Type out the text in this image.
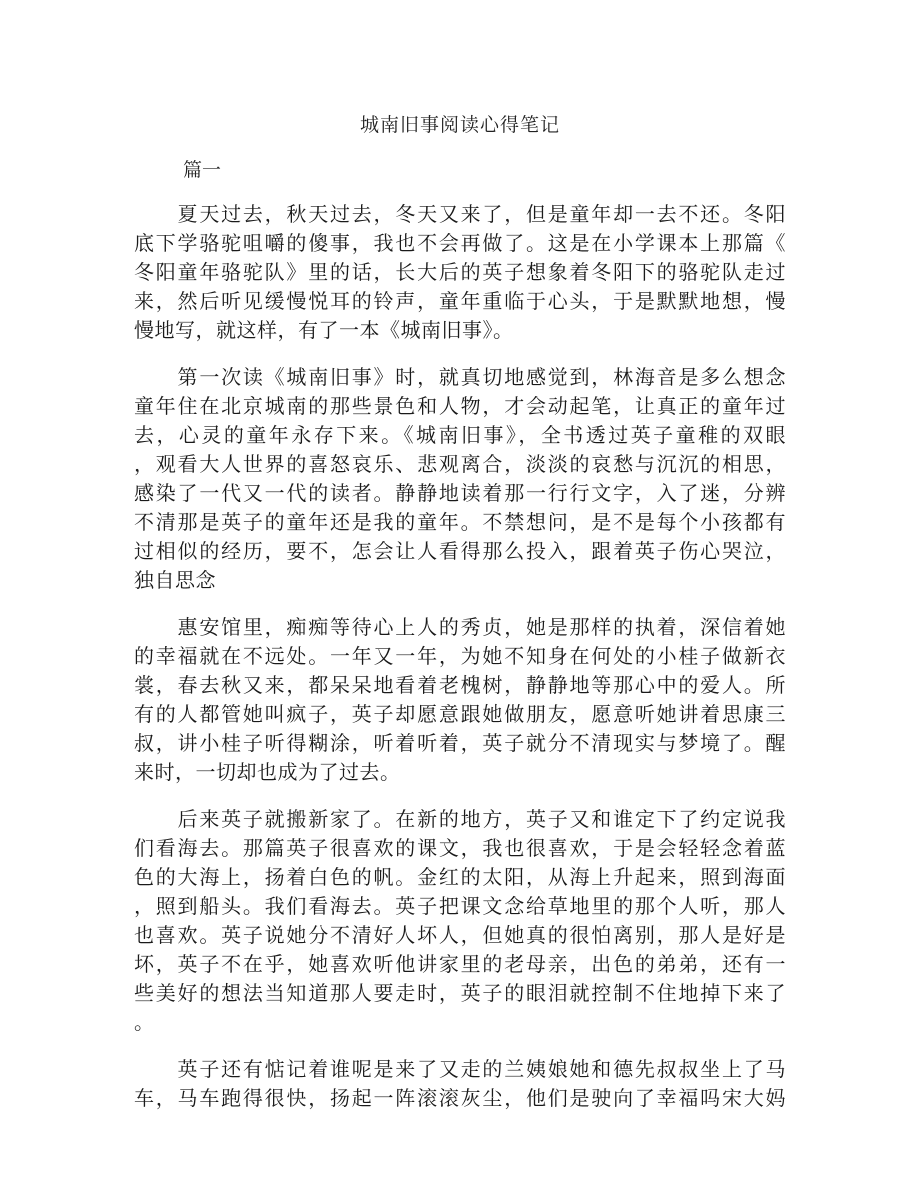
城南旧事阅读心得笔记
篇一
　　夏天过去，秋天过去，冬天又来了，但是童年却一去不还。冬阳
底下学骆驼咀嚼的傻事，我也不会再做了。这是在小学课本上那篇《
冬阳童年骆驼队》里的话，长大后的英子想象着冬阳下的骆驼队走过
来，然后听见缓慢悦耳的铃声，童年重临于心头，于是默默地想，慢
慢地写，就这样，有了一本《城南旧事》。
　　第一次读《城南旧事》时，就真切地感觉到，林海音是多么想念
童年住在北京城南的那些景色和人物，才会动起笔，让真正的童年过
去，心灵的童年永存下来。《城南旧事》，全书透过英子童稚的双眼
，观看大人世界的喜怒哀乐、悲观离合，淡淡的哀愁与沉沉的相思，
感染了一代又一代的读者。静静地读着那一行行文字，入了迷，分辨
不清那是英子的童年还是我的童年。不禁想问，是不是每个小孩都有
过相似的经历，要不，怎会让人看得那么投入，跟着英子伤心哭泣，
独自思念
　　惠安馆里，痴痴等待心上人的秀贞，她是那样的执着，深信着她
的幸福就在不远处。一年又一年，为她不知身在何处的小桂子做新衣
裳，春去秋又来，都呆呆地看着老槐树，静静地等那心中的爱人。所
有的人都管她叫疯子，英子却愿意跟她做朋友，愿意听她讲着思康三
叔，讲小桂子听得糊涂，听着听着，英子就分不清现实与梦境了。醒
来时，一切却也成为了过去。
　　后来英子就搬新家了。在新的地方，英子又和谁定下了约定说我
们看海去。那篇英子很喜欢的课文，我也很喜欢，于是会轻轻念着蓝
色的大海上，扬着白色的帆。金红的太阳，从海上升起来，照到海面
，照到船头。我们看海去。英子把课文念给草地里的那个人听，那人
也喜欢。英子说她分不清好人坏人，但她真的很怕离别，那人是好是
坏，英子不在乎，她喜欢听他讲家里的老母亲，出色的弟弟，还有一
些美好的想法当知道那人要走时，英子的眼泪就控制不住地掉下来了
。
　　英子还有惦记着谁呢是来了又走的兰姨娘她和德先叔叔坐上了马
车，马车跑得很快，扬起一阵滚滚灰尘，他们是驶向了幸福吗宋大妈
